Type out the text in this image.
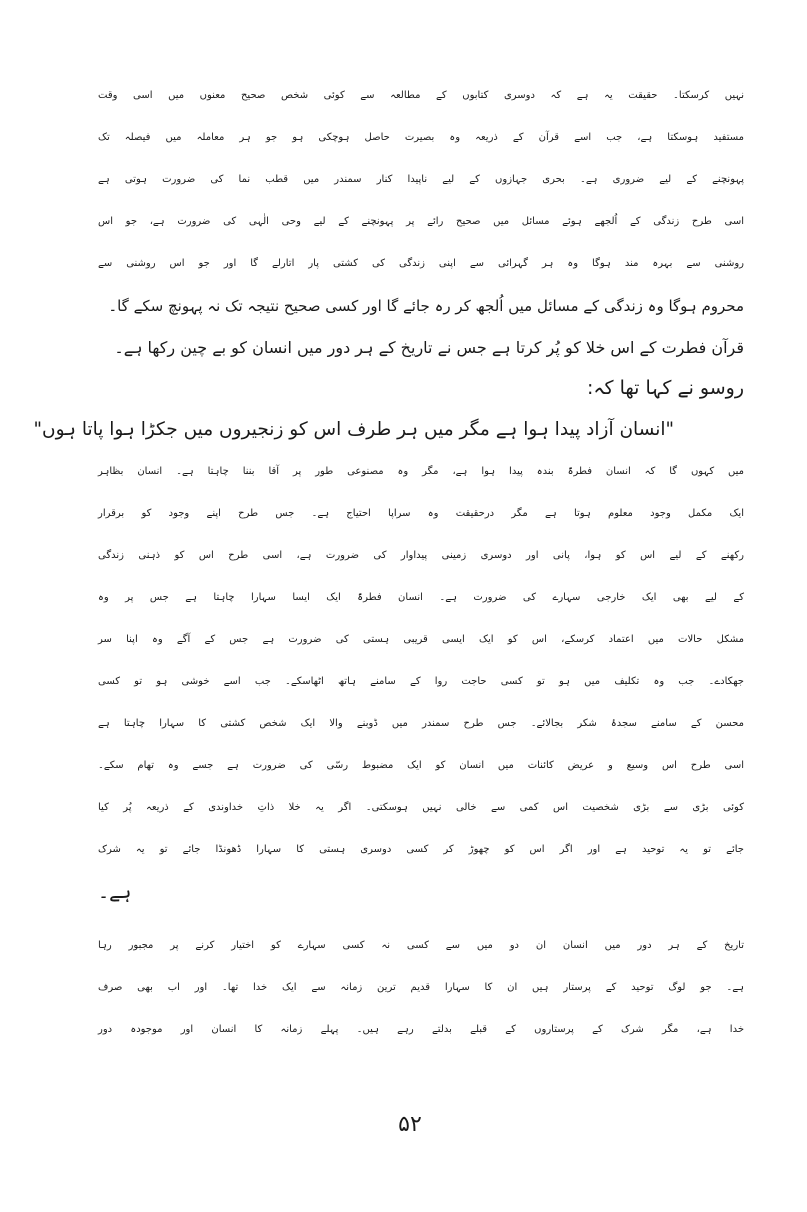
نہیں کرسکتا۔ حقیقت یہ ہے کہ دوسری کتابوں کے مطالعہ سے کوئی شخص صحیح معنوں میں اسی وقت
مستفید ہوسکتا ہے، جب اسے قرآن کے ذریعہ وہ بصیرت حاصل ہوچکی ہو جو ہر معاملہ میں فیصلہ تک
پہونچنے کے لیے ضروری ہے۔ بحری جہازوں کے لیے ناپیدا کنار سمندر میں قطب نما کی ضرورت ہوتی ہے
اسی طرح زندگی کے اُلجھے ہوئے مسائل میں صحیح رائے پر پہونچنے کے لیے وحی الٰہی کی ضرورت ہے، جو اس
روشنی سے بہرہ مند ہوگا وہ ہر گہرائی سے اپنی زندگی کی کشتی پار اتارلے گا اور جو اس روشنی سے
محروم ہوگا وہ زندگی کے مسائل میں اُلجھ کر رہ جائے گا اور کسی صحیح نتیجہ تک نہ پہونچ سکے گا۔
قرآن فطرت کے اس خلا کو پُر کرتا ہے جس نے تاریخ کے ہر دور میں انسان کو بے چین رکھا ہے۔
روسو نے کہا تھا کہ:
"انسان آزاد پیدا ہوا ہے مگر میں ہر طرف اس کو زنجیروں میں جکڑا ہوا پاتا ہوں"
میں کہوں گا کہ انسان فطرۃً بندہ پیدا ہوا ہے، مگر وہ مصنوعی طور پر آقا بننا چاہتا ہے۔ انسان بظاہر
ایک مکمل وجود معلوم ہوتا ہے مگر درحقیقت وہ سراپا احتیاج ہے۔ جس طرح اپنے وجود کو برقرار
رکھنے کے لیے اس کو ہوا، پانی اور دوسری زمینی پیداوار کی ضرورت ہے، اسی طرح اس کو ذہنی زندگی
کے لیے بھی ایک خارجی سہارے کی ضرورت ہے۔ انسان فطرۃً ایک ایسا سہارا چاہتا ہے جس پر وہ
مشکل حالات میں اعتماد کرسکے، اس کو ایک ایسی قریبی ہستی کی ضرورت ہے جس کے آگے وہ اپنا سر
جھکادے۔ جب وہ تکلیف میں ہو تو کسی حاجت روا کے سامنے ہاتھ اٹھاسکے۔ جب اسے خوشی ہو تو کسی
محسن کے سامنے سجدۂ شکر بجالائے۔ جس طرح سمندر میں ڈوبنے والا ایک شخص کشتی کا سہارا چاہتا ہے
اسی طرح اس وسیع و عریض کائنات میں انسان کو ایک مضبوط رسّی کی ضرورت ہے جسے وہ تھام سکے۔
کوئی بڑی سے بڑی شخصیت اس کمی سے خالی نہیں ہوسکتی۔ اگر یہ خلا ذاتِ خداوندی کے ذریعہ پُر کیا
جائے تو یہ توحید ہے اور اگر اس کو چھوڑ کر کسی دوسری ہستی کا سہارا ڈھونڈا جائے تو یہ شرک
ہے۔
تاریخ کے ہر دور میں انسان ان دو میں سے کسی نہ کسی سہارے کو اختیار کرنے پر مجبور رہا
ہے۔ جو لوگ توحید کے پرستار ہیں ان کا سہارا قدیم ترین زمانہ سے ایک خدا تھا۔ اور اب بھی صرف
خدا ہے، مگر شرک کے پرستاروں کے قبلے بدلتے رہے ہیں۔ پہلے زمانہ کا انسان اور موجودہ دور
۵۲
